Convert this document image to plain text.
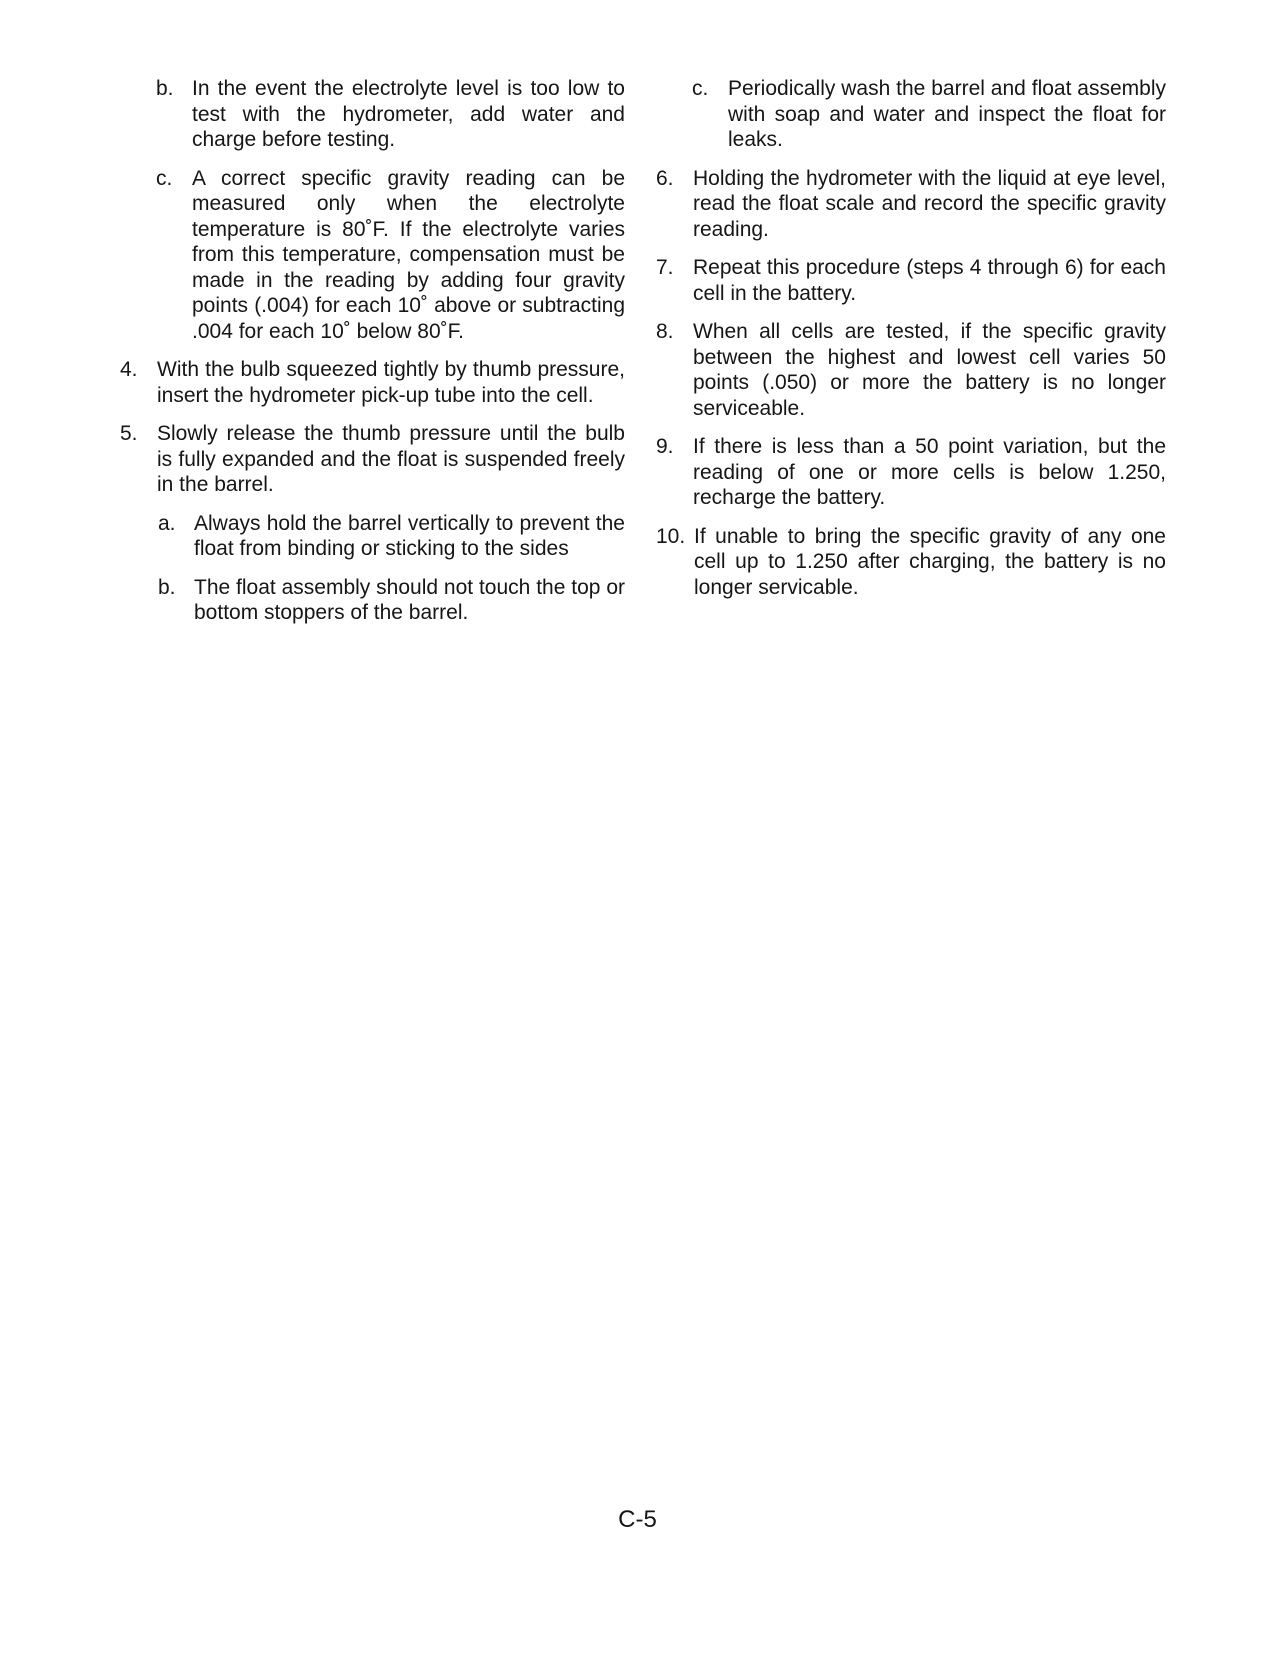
b. In the event the electrolyte level is too low to test with the hydrometer, add water and charge before testing.
c. A correct specific gravity reading can be measured only when the electrolyte temperature is 80˚F. If the electrolyte varies from this temperature, compensation must be made in the reading by adding four gravity points (.004) for each 10˚ above or subtracting .004 for each 10˚ below 80˚F.
4. With the bulb squeezed tightly by thumb pressure, insert the hydrometer pick-up tube into the cell.
5. Slowly release the thumb pressure until the bulb is fully expanded and the float is suspended freely in the barrel.
a. Always hold the barrel vertically to prevent the float from binding or sticking to the sides
b. The float assembly should not touch the top or bottom stoppers of the barrel.
c. Periodically wash the barrel and float assembly with soap and water and inspect the float for leaks.
6. Holding the hydrometer with the liquid at eye level, read the float scale and record the specific gravity reading.
7. Repeat this procedure (steps 4 through 6) for each cell in the battery.
8. When all cells are tested, if the specific gravity between the highest and lowest cell varies 50 points (.050) or more the battery is no longer serviceable.
9. If there is less than a 50 point variation, but the reading of one or more cells is below 1.250, recharge the battery.
10. If unable to bring the specific gravity of any one cell up to 1.250 after charging, the battery is no longer servicable.
C-5
